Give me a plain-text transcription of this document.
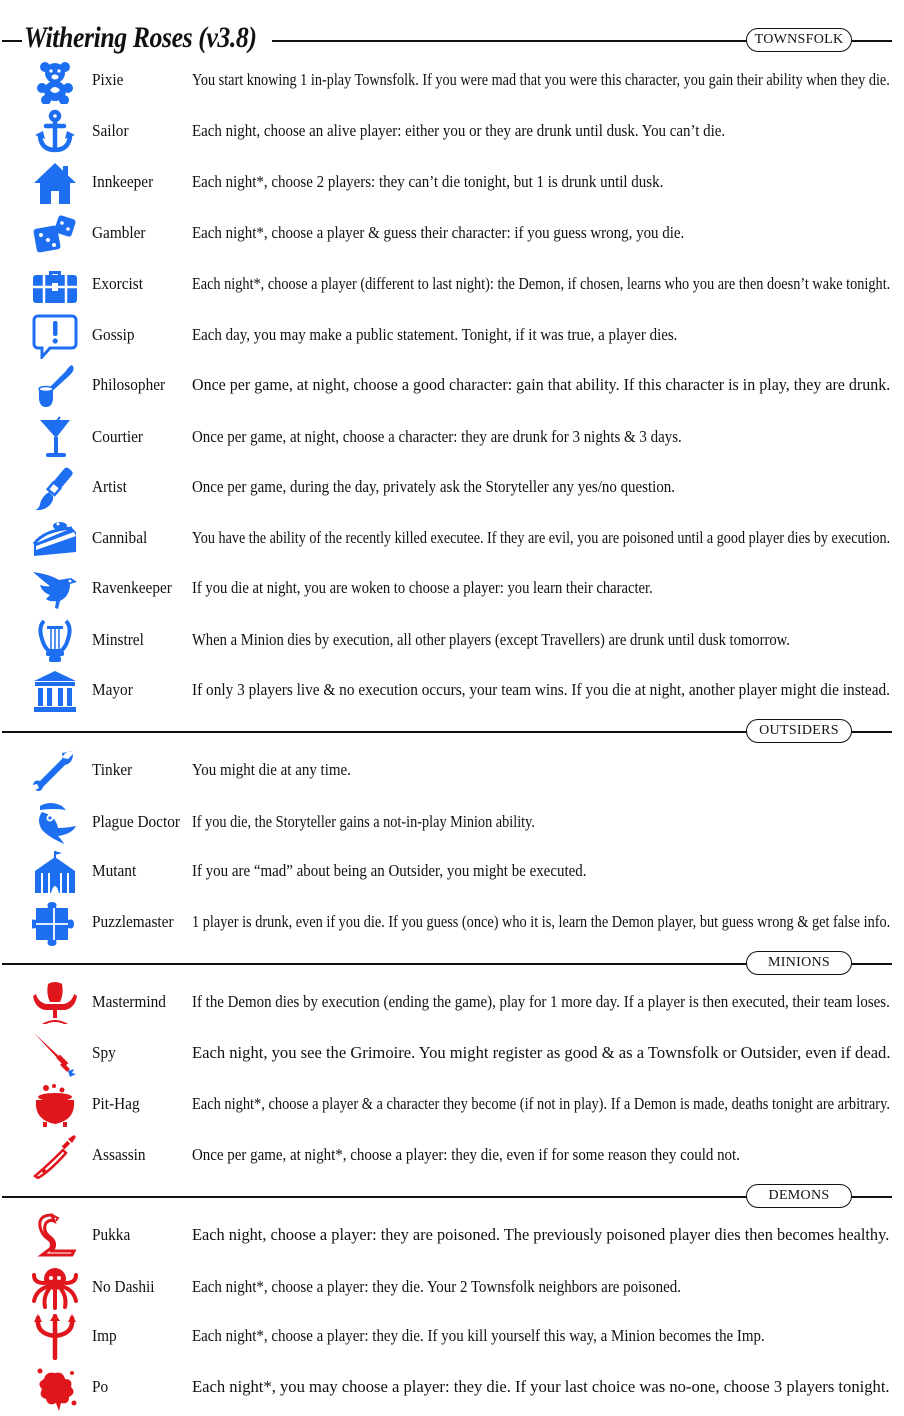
Withering Roses (v3.8)	TOWNSFOLK
OUTSIDERS
MINIONS
DEMONS
Pixie	You start knowing 1 in-play Townsfolk. If you were mad that you were this character, you gain their ability when they die.
Sailor	Each night, choose an alive player: either you or they are drunk until dusk. You can’t die.
Innkeeper Each night*, choose 2 players: they can’t die tonight, but 1 is drunk until dusk.
Gambler	Each night*, choose a player & guess their character: if you guess wrong, you die.
Exorcist	Each night*, choose a player (different to last night): the Demon, if chosen, learns who you are then doesn’t wake tonight.
Gossip	Each day, you may make a public statement. Tonight, if it was true, a player dies.
Philosopher Once per game, at night, choose a good character: gain that ability. If this character is in play, they are drunk.
Courtier	Once per game, at night, choose a character: they are drunk for 3 nights & 3 days.
Artist	Once per game, during the day, privately ask the Storyteller any yes/no question.
Cannibal	You have the ability of the recently killed executee. If they are evil, you are poisoned until a good player dies by execution.
Ravenkeeper If you die at night, you are woken to choose a player: you learn their character.
Minstrel	When a Minion dies by execution, all other players (except Travellers) are drunk until dusk tomorrow.
Mayor	If only 3 players live & no execution occurs, your team wins. If you die at night, another player might die instead.
Tinker	You might die at any time.
Plague Doctor If you die, the Storyteller gains a not-in-play Minion ability.
Mutant	If you are “mad” about being an Outsider, you might be executed.
Puzzlemaster 1 player is drunk, even if you die. If you guess (once) who it is, learn the Demon player, but guess wrong & get false info.
Mastermind If the Demon dies by execution (ending the game), play for 1 more day. If a player is then executed, their team loses.
Spy	Each night, you see the Grimoire. You might register as good & as a Townsfolk or Outsider, even if dead.
Pit-Hag	Each night*, choose a player & a character they become (if not in play). If a Demon is made, deaths tonight are arbitrary.
Assassin	Once per game, at night*, choose a player: they die, even if for some reason they could not.
Pukka	Each night, choose a player: they are poisoned. The previously poisoned player dies then becomes healthy.
No Dashii Each night*, choose a player: they die. Your 2 Townsfolk neighbors are poisoned.
Imp	Each night*, choose a player: they die. If you kill yourself this way, a Minion becomes the Imp.
Po	Each night*, you may choose a player: they die. If your last choice was no-one, choose 3 players tonight.
